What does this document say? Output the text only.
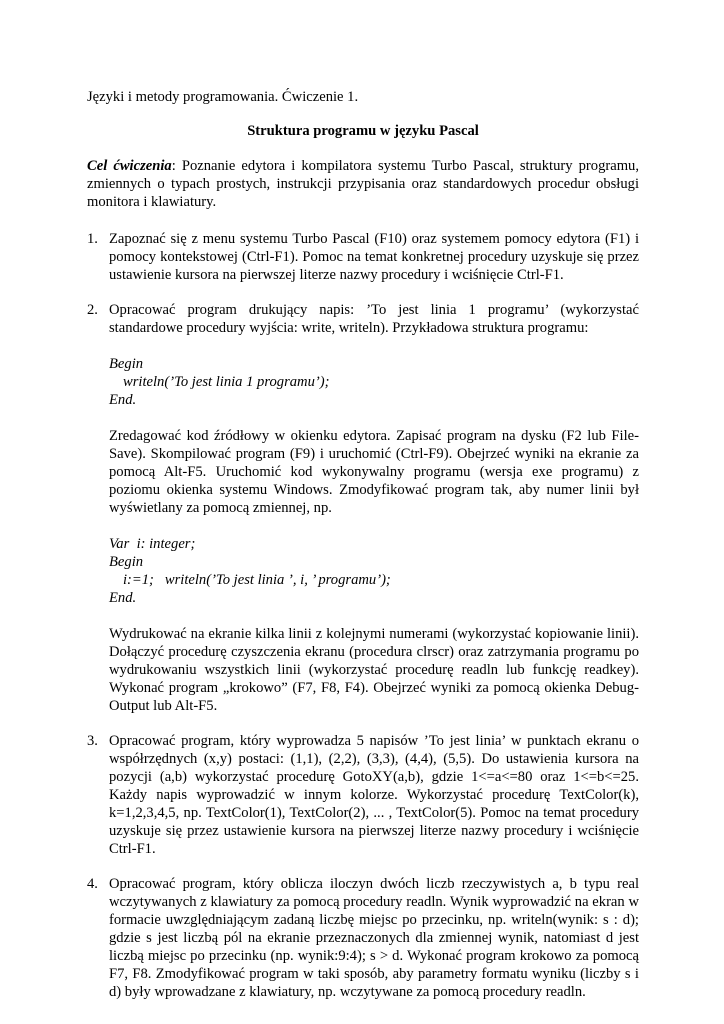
Języki i metody programowania. Ćwiczenie 1.
Struktura programu w języku Pascal
Cel ćwiczenia: Poznanie edytora i kompilatora systemu Turbo Pascal, struktury programu, zmiennych o typach prostych, instrukcji przypisania oraz standardowych procedur obsługi monitora i klawiatury.
1. Zapoznać się z menu systemu Turbo Pascal (F10) oraz systemem pomocy edytora (F1) i pomocy kontekstowej (Ctrl-F1). Pomoc na temat konkretnej procedury uzyskuje się przez ustawienie kursora na pierwszej literze nazwy procedury i wciśnięcie Ctrl-F1.

2. Opracować program drukujący napis: ’To jest linia 1 programu’ (wykorzystać standardowe procedury wyjścia: write, writeln). Przykładowa struktura programu:

Begin
writeln(’To jest linia 1 programu’);
End.

Zredagować kod źródłowy w okienku edytora. Zapisać program na dysku (F2 lub File-Save). Skompilować program (F9) i uruchomić (Ctrl-F9). Obejrzeć wyniki na ekranie za pomocą Alt-F5. Uruchomić kod wykonywalny programu (wersja exe programu) z poziomu okienka systemu Windows. Zmodyfikować program tak, aby numer linii był wyświetlany za pomocą zmiennej, np.

Var  i: integer;
Begin
i:=1;   writeln(’To jest linia ’, i, ’ programu’);
End.

Wydrukować na ekranie kilka linii z kolejnymi numerami (wykorzystać kopiowanie linii). Dołączyć procedurę czyszczenia ekranu (procedura clrscr) oraz zatrzymania programu po wydrukowaniu wszystkich linii (wykorzystać procedurę readln lub funkcję readkey). Wykonać program „krokowo” (F7, F8, F4). Obejrzeć wyniki za pomocą okienka Debug-Output lub Alt-F5.

3. Opracować program, który wyprowadza 5 napisów ’To jest linia’ w punktach ekranu o współrzędnych (x,y) postaci: (1,1), (2,2), (3,3), (4,4), (5,5). Do ustawienia kursora na pozycji (a,b) wykorzystać procedurę GotoXY(a,b), gdzie 1<=a<=80 oraz 1<=b<=25. Każdy napis wyprowadzić w innym kolorze. Wykorzystać procedurę TextColor(k), k=1,2,3,4,5, np. TextColor(1), TextColor(2), ... , TextColor(5). Pomoc na temat procedury uzyskuje się przez ustawienie kursora na pierwszej literze nazwy procedury i wciśnięcie Ctrl-F1.

4. Opracować program, który oblicza iloczyn dwóch liczb rzeczywistych a, b typu real wczytywanych z klawiatury za pomocą procedury readln. Wynik wyprowadzić na ekran w formacie uwzględniającym zadaną liczbę miejsc po przecinku, np. writeln(wynik: s : d); gdzie s jest liczbą pól na ekranie przeznaczonych dla zmiennej wynik, natomiast d jest liczbą miejsc po przecinku (np. wynik:9:4); s > d. Wykonać program krokowo za pomocą F7, F8. Zmodyfikować program w taki sposób, aby parametry formatu wyniku (liczby s i d) były wprowadzane z klawiatury, np. wczytywane za pomocą procedury readln.
